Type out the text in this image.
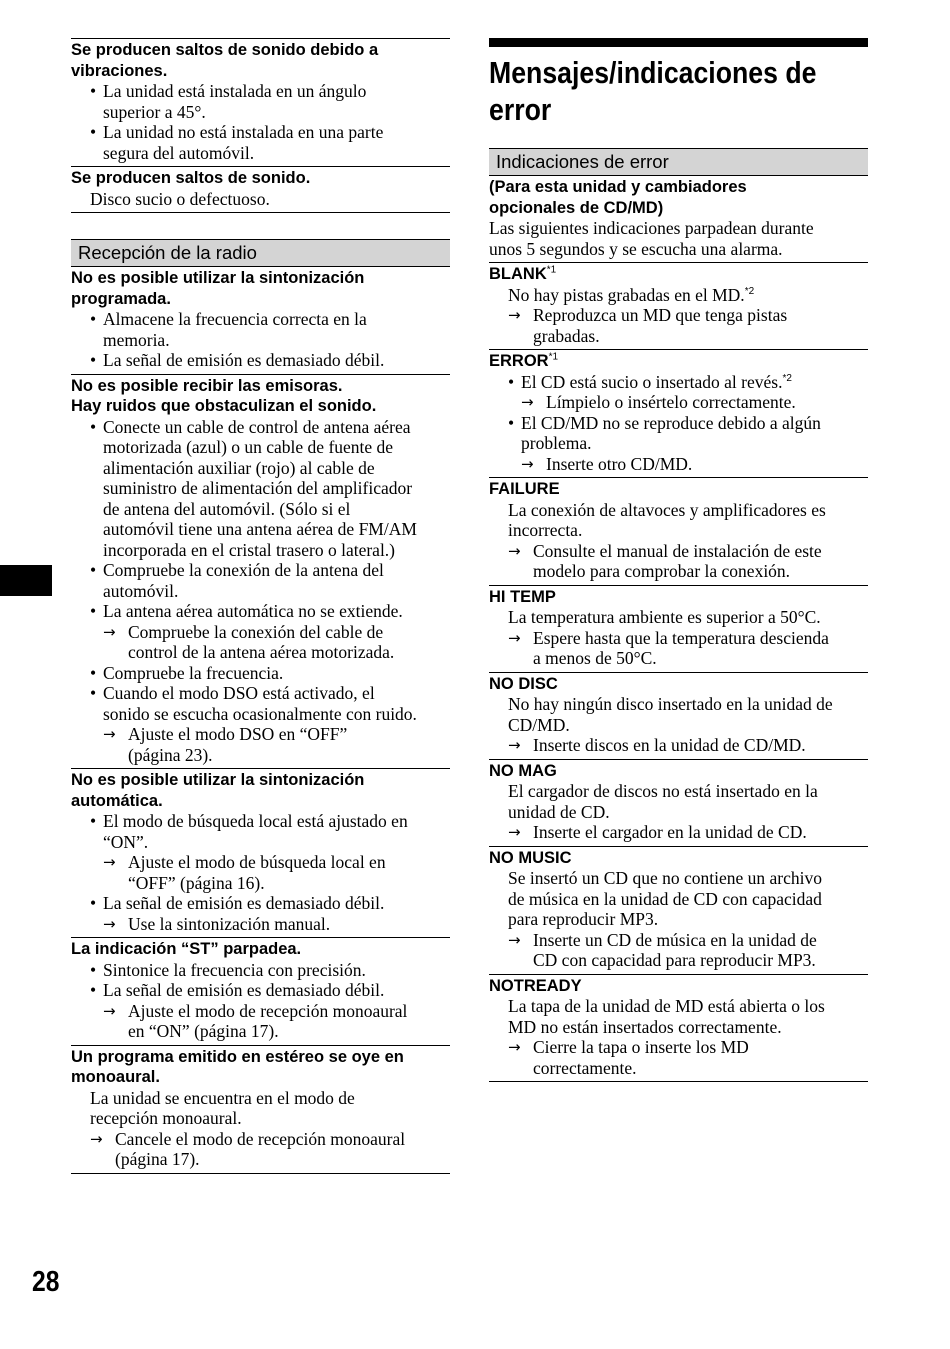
Se producen saltos de sonido debido a
vibraciones.
• La unidad está instalada en un ángulo
superior a 45°.
• La unidad no está instalada en una parte
segura del automóvil.
Se producen saltos de sonido.
Disco sucio o defectuoso.
Recepción de la radio
No es posible utilizar la sintonización
programada.
• Almacene la frecuencia correcta en la
memoria.
• La señal de emisión es demasiado débil.
No es posible recibir las emisoras.
Hay ruidos que obstaculizan el sonido.
• Conecte un cable de control de antena aérea
motorizada (azul) o un cable de fuente de
alimentación auxiliar (rojo) al cable de
suministro de alimentación del amplificador
de antena del automóvil. (Sólo si el
automóvil tiene una antena aérea de FM/AM
incorporada en el cristal trasero o lateral.)
• Compruebe la conexión de la antena del
automóvil.
• La antena aérea automática no se extiende.
→ Compruebe la conexión del cable de
control de la antena aérea motorizada.
• Compruebe la frecuencia.
• Cuando el modo DSO está activado, el
sonido se escucha ocasionalmente con ruido.
→ Ajuste el modo DSO en “OFF”
(página 23).
No es posible utilizar la sintonización
automática.
• El modo de búsqueda local está ajustado en
“ON”.
→ Ajuste el modo de búsqueda local en
“OFF” (página 16).
• La señal de emisión es demasiado débil.
→ Use la sintonización manual.
La indicación “ST” parpadea.
• Sintonice la frecuencia con precisión.
• La señal de emisión es demasiado débil.
→ Ajuste el modo de recepción monoaural
en “ON” (página 17).
Un programa emitido en estéreo se oye en
monoaural.
La unidad se encuentra en el modo de
recepción monoaural.
→ Cancele el modo de recepción monoaural
(página 17).
Mensajes/indicaciones de
error
Indicaciones de error
(Para esta unidad y cambiadores
opcionales de CD/MD)
Las siguientes indicaciones parpadean durante
unos 5 segundos y se escucha una alarma.
BLANK$^{*1}$
No hay pistas grabadas en el MD.$^{*2}$
→ Reproduzca un MD que tenga pistas
grabadas.
ERROR$^{*1}$
• El CD está sucio o insertado al revés.$^{*2}$
→ Límpielo o insértelo correctamente.
• El CD/MD no se reproduce debido a algún
problema.
→ Inserte otro CD/MD.
FAILURE
La conexión de altavoces y amplificadores es
incorrecta.
→ Consulte el manual de instalación de este
modelo para comprobar la conexión.
HI TEMP
La temperatura ambiente es superior a 50°C.
→ Espere hasta que la temperatura descienda
a menos de 50°C.
NO DISC
No hay ningún disco insertado en la unidad de
CD/MD.
→ Inserte discos en la unidad de CD/MD.
NO MAG
El cargador de discos no está insertado en la
unidad de CD.
→ Inserte el cargador en la unidad de CD.
NO MUSIC
Se insertó un CD que no contiene un archivo
de música en la unidad de CD con capacidad
para reproducir MP3.
→ Inserte un CD de música en la unidad de
CD con capacidad para reproducir MP3.
NOTREADY
La tapa de la unidad de MD está abierta o los
MD no están insertados correctamente.
→ Cierre la tapa o inserte los MD
correctamente.
28
